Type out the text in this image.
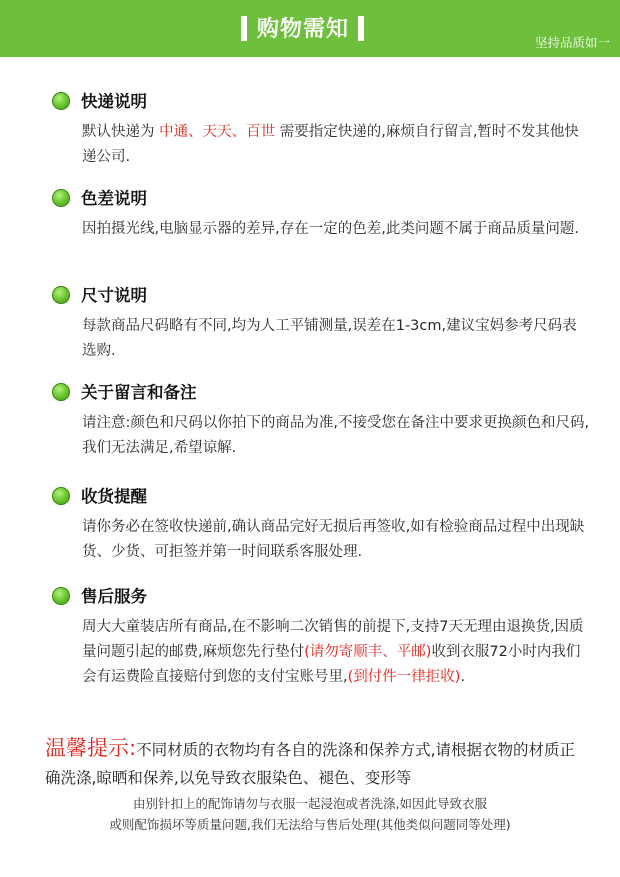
购物需知
坚持品质如一
快递说明
默认快递为 中通、天天、百世 需要指定快递的,麻烦自行留言,暂时不发其他快递公司.
色差说明
因拍摄光线,电脑显示器的差异,存在一定的色差,此类问题不属于商品质量问题.
尺寸说明
每款商品尺码略有不同,均为人工平铺测量,误差在1-3cm,建议宝妈参考尺码表选购.
关于留言和备注
请注意:颜色和尺码以你拍下的商品为准,不接受您在备注中要求更换颜色和尺码,我们无法满足,希望谅解.
收货提醒
请你务必在签收快递前,确认商品完好无损后再签收,如有检验商品过程中出现缺货、少货、可拒签并第一时间联系客服处理.
售后服务
周大大童装店所有商品,在不影响二次销售的前提下,支持7天无理由退换货,因质量问题引起的邮费,麻烦您先行垫付(请勿寄顺丰、平邮)收到衣服72小时内我们会有运费险直接赔付到您的支付宝账号里,(到付件一律拒收).
温馨提示:不同材质的衣物均有各自的洗涤和保养方式,请根据衣物的材质正确洗涤,晾晒和保养,以免导致衣服染色、褪色、变形等
由别针扣上的配饰请勿与衣服一起浸泡或者洗涤,如因此导致衣服
或则配饰损坏等质量问题,我们无法给与售后处理(其他类似问题同等处理)
